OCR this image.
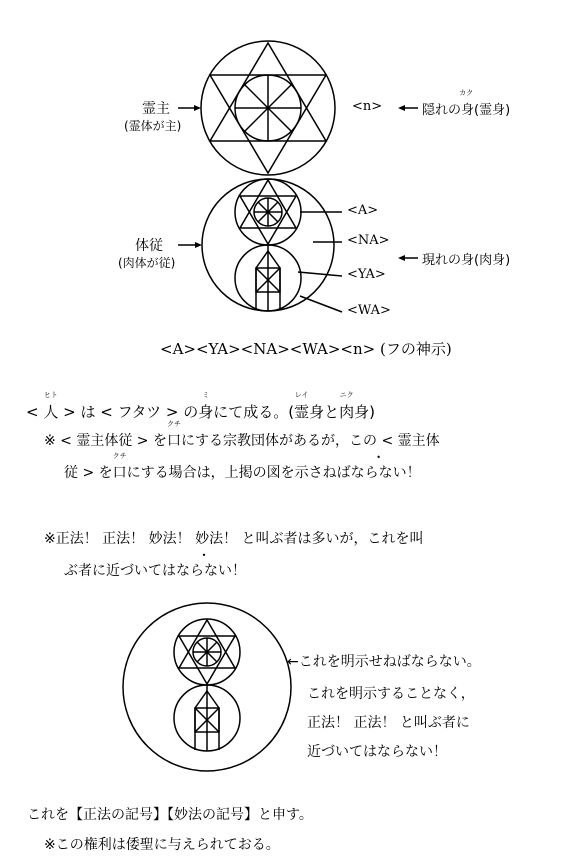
霊主
(霊体が主)
体従
(肉体が従)
<n>
カク
隠れの身(霊身)
<A>
<NA>
<YA>
<WA>
現れの身(肉身)
<A><YA><NA><WA><n> (フの神示)
<
ヒト
人 > は < フタツ > の
ミ
身にて成る。(
レイ
霊身と
ニク
肉身)
※ < 霊主体従 > を
クチ
口にする宗教団体があるが，この < 霊主体
従 > を
クチ
口にする場合は，上掲の図を示さねばならない！
※正法！ 正法！ 妙法！ 妙法！ と叫ぶ者は多いが，これを叫
ぶ者に近づいてはならない！
←これを明示せねばならない。
これを明示することなく，
正法！ 正法！ と叫ぶ者に
近づいてはならない！
これを【正法の記号】【妙法の記号】と申す。
※この権利は倭聖に与えられておる。
